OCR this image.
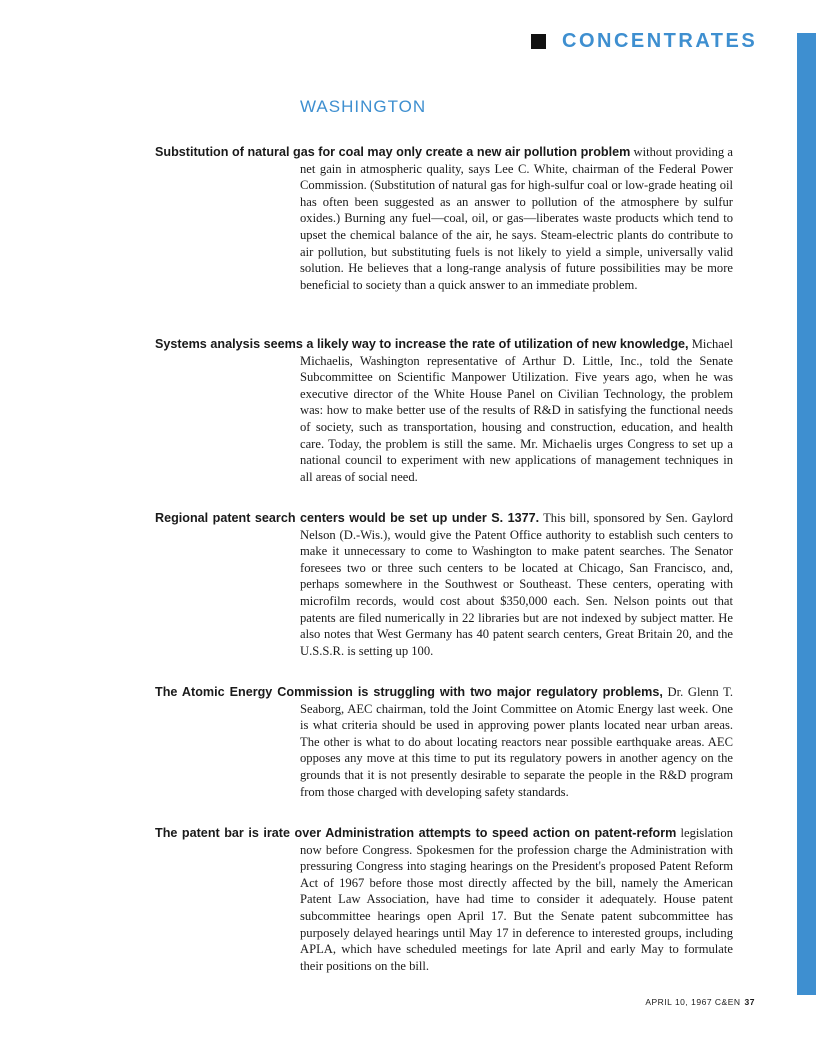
CONCENTRATES
WASHINGTON

Substitution of natural gas for coal may only create a new air pollution problem without providing a net gain in atmospheric quality, says Lee C. White, chairman of the Federal Power Commission. (Substitution of natural gas for high-sulfur coal or low-grade heating oil has often been suggested as an answer to pollution of the atmosphere by sulfur oxides.) Burning any fuel—coal, oil, or gas—liberates waste products which tend to upset the chemical balance of the air, he says. Steam-electric plants do contribute to air pollution, but substituting fuels is not likely to yield a simple, universally valid solution. He believes that a long-range analysis of future possibilities may be more beneficial to society than a quick answer to an immediate problem.

Systems analysis seems a likely way to increase the rate of utilization of new knowledge, Michael Michaelis, Washington representative of Arthur D. Little, Inc., told the Senate Subcommittee on Scientific Manpower Utilization. Five years ago, when he was executive director of the White House Panel on Civilian Technology, the problem was: how to make better use of the results of R&D in satisfying the functional needs of society, such as transportation, housing and construction, education, and health care. Today, the problem is still the same. Mr. Michaelis urges Congress to set up a national council to experiment with new applications of management techniques in all areas of social need.

Regional patent search centers would be set up under S. 1377. This bill, sponsored by Sen. Gaylord Nelson (D.-Wis.), would give the Patent Office authority to establish such centers to make it unnecessary to come to Washington to make patent searches. The Senator foresees two or three such centers to be located at Chicago, San Francisco, and, perhaps somewhere in the Southwest or Southeast. These centers, operating with microfilm records, would cost about $350,000 each. Sen. Nelson points out that patents are filed numerically in 22 libraries but are not indexed by subject matter. He also notes that West Germany has 40 patent search centers, Great Britain 20, and the U.S.S.R. is setting up 100.

The Atomic Energy Commission is struggling with two major regulatory problems, Dr. Glenn T. Seaborg, AEC chairman, told the Joint Committee on Atomic Energy last week. One is what criteria should be used in approving power plants located near urban areas. The other is what to do about locating reactors near possible earthquake areas. AEC opposes any move at this time to put its regulatory powers in another agency on the grounds that it is not presently desirable to separate the people in the R&D program from those charged with developing safety standards.

The patent bar is irate over Administration attempts to speed action on patent-reform legislation now before Congress. Spokesmen for the profession charge the Administration with pressuring Congress into staging hearings on the President's proposed Patent Reform Act of 1967 before those most directly affected by the bill, namely the American Patent Law Association, have had time to consider it adequately. House patent subcommittee hearings open April 17. But the Senate patent subcommittee has purposely delayed hearings until May 17 in deference to interested groups, including APLA, which have scheduled meetings for late April and early May to formulate their positions on the bill.

APRIL 10, 1967 C&EN 37
